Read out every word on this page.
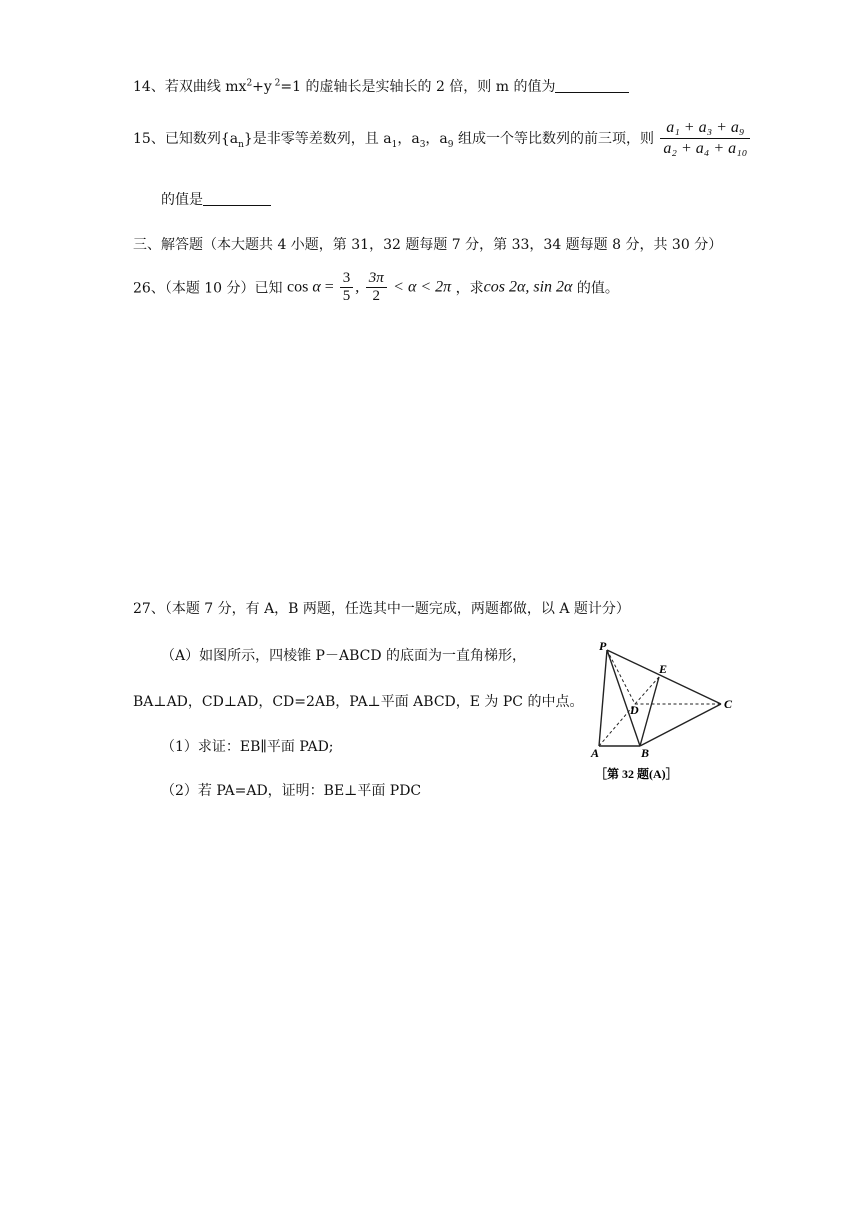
14、若双曲线 $mx^2+y$ $^2$=1 的虚轴长是实轴长的 2 倍，则 m 的值为
15、已知数列$\{a_n\}$是非零等差数列，且 $a_1$，$a_3$，$a_9$ 组成一个等比数列的前三项，则 $\frac{\text{a₁ + a₃ + a₉}}{\text{a₂ + a₄ + a₁₀}}$
的值是
三、解答题（本大题共 4 小题，第 31，32 题每题 7 分，第 33，34 题每题 8 分，共 30 分）
26、（本题 10 分）已知 $\cos \alpha = \frac{3}{5}$ , $\frac{3\pi}{2} < \alpha < 2\pi$ ，求cos 2α, sin 2α 的值。
27、（本题 7 分，有 A，B 两题，任选其中一题完成，两题都做，以 A 题计分）
（A）如图所示，四棱锥 P－ABCD 的底面为一直角梯形，
BA⊥AD，CD⊥AD，CD=2AB，PA⊥平面 ABCD，E 为 PC 的中点。
（1）求证：EB∥平面 PAD;
（2）若 PA=AD，证明：BE⊥平面 PDC
P
E
D	C
A	B
［第 32 题(A)］
